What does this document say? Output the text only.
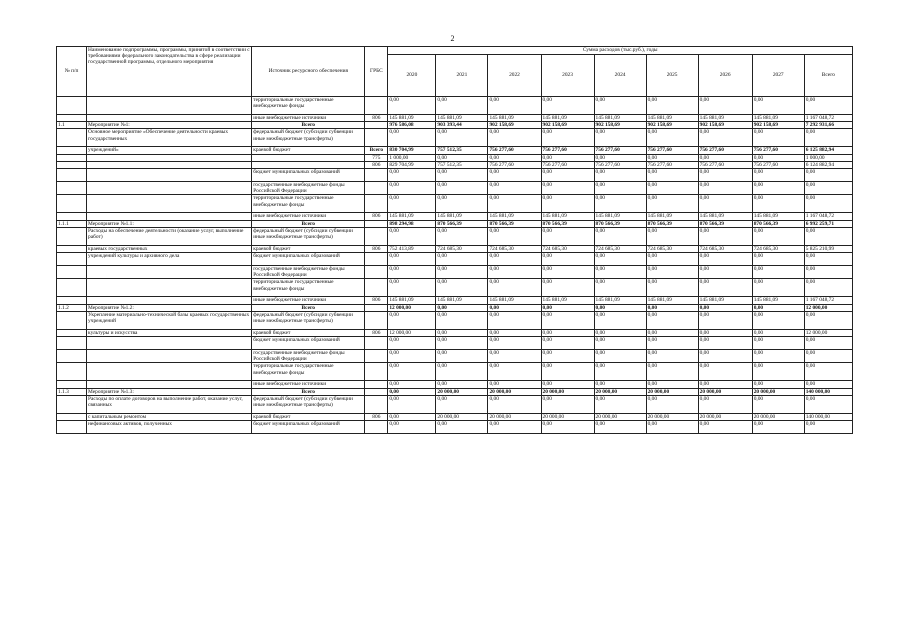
2
№ п/п	Наименование подпрограммы, программы, принятой в соответствии с требованиями федерального законодательства в сфере реализации государственной программы, отдельного мероприятия	Источник ресурсного обеспечения	ГРБС	Сумма расходов (тыс.руб.), годы								
				2020	2021	2022	2023	2024	2025	2026	2027	Всего
		территориальные государственные внебюджетные фонды		0,00	0,00	0,00	0,00	0,00	0,00	0,00	0,00	0,00
		иные внебюджетные источники	806	145 881,09	145 881,09	145 881,09	145 881,09	145 881,09	145 881,09	145 881,09	145 881,09	1 167 048,72
1.1	Мероприятие №1:	Всего		976 586,08	903 393,44	902 158,69	902 158,69	902 158,69	902 158,69	902 158,69	902 158,69	7 292 931,66
	Основное мероприятие «Обеспечение деятельности краевых государственных	федеральный бюджет (субсидии субвенции иные межбюджетные трансферты)		0,00	0,00	0,00	0,00	0,00	0,00	0,00	0,00	0,00
	учреждений»	краевой бюджет	Всего	830 704,99	757 512,35	756 277,60	756 277,60	756 277,60	756 277,60	756 277,60	756 277,60	6 125 882,94
			775	1 000,00	0,00	0,00	0,00	0,00	0,00	0,00	0,00	1 000,00
			806	829 704,99	757 512,35	756 277,60	756 277,60	756 277,60	756 277,60	756 277,60	756 277,60	6 124 882,94
		бюджет муниципальных образований		0,00	0,00	0,00	0,00	0,00	0,00	0,00	0,00	0,00
		государственные внебюджетные фонды Российской Федерации		0,00	0,00	0,00	0,00	0,00	0,00	0,00	0,00	0,00
		территориальные государственные внебюджетные фонды		0,00	0,00	0,00	0,00	0,00	0,00	0,00	0,00	0,00
		иные внебюджетные источники	806	145 881,09	145 881,09	145 881,09	145 881,09	145 881,09	145 881,09	145 881,09	145 881,09	1 167 048,72
1.1.1	Мероприятие №1.1:	Всего		898 294,98	870 566,39	870 566,39	870 566,39	870 566,39	870 566,39	870 566,39	870 566,39	6 992 259,71
	Расходы на обеспечение деятельности (оказание услуг, выполнение работ)	федеральный бюджет (субсидии субвенции иные межбюджетные трансферты)		0,00	0,00	0,00	0,00	0,00	0,00	0,00	0,00	0,00
	краевых государственных	краевой бюджет	806	752 413,89	724 685,30	724 685,30	724 685,30	724 685,30	724 685,30	724 685,30	724 685,30	5 825 210,99
	учреждений культуры и архивного дела	бюджет муниципальных образований		0,00	0,00	0,00	0,00	0,00	0,00	0,00	0,00	0,00
		государственные внебюджетные фонды Российской Федерации		0,00	0,00	0,00	0,00	0,00	0,00	0,00	0,00	0,00
		территориальные государственные внебюджетные фонды		0,00	0,00	0,00	0,00	0,00	0,00	0,00	0,00	0,00
		иные внебюджетные источники	806	145 881,09	145 881,09	145 881,09	145 881,09	145 881,09	145 881,09	145 881,09	145 881,09	1 167 048,72
1.1.2	Мероприятие №1.2:	Всего		12 000,00	0,00	0,00	0,00	0,00	0,00	0,00	0,00	12 000,00
	Укрепление материально-технической базы краевых государственных учреждений	федеральный бюджет (субсидии субвенции иные межбюджетные трансферты)		0,00	0,00	0,00	0,00	0,00	0,00	0,00	0,00	0,00
	культуры и искусства	краевой бюджет	806	12 000,00	0,00	0,00	0,00	0,00	0,00	0,00	0,00	12 000,00
		бюджет муниципальных образований		0,00	0,00	0,00	0,00	0,00	0,00	0,00	0,00	0,00
		государственные внебюджетные фонды Российской Федерации		0,00	0,00	0,00	0,00	0,00	0,00	0,00	0,00	0,00
		территориальные государственные внебюджетные фонды		0,00	0,00	0,00	0,00	0,00	0,00	0,00	0,00	0,00
		иные внебюджетные источники		0,00	0,00	0,00	0,00	0,00	0,00	0,00	0,00	0,00
1.1.3	Мероприятие №1.3:	Всего		0,00	20 000,00	20 000,00	20 000,00	20 000,00	20 000,00	20 000,00	20 000,00	140 000,00
	Расходы по оплате договоров на выполнение работ, оказание услуг, связанных	федеральный бюджет (субсидии субвенции иные межбюджетные трансферты)		0,00	0,00	0,00	0,00	0,00	0,00	0,00	0,00	0,00
	с капитальным ремонтом	краевой бюджет	806	0,00	20 000,00	20 000,00	20 000,00	20 000,00	20 000,00	20 000,00	20 000,00	140 000,00
	нефинансовых активов, полученных	бюджет муниципальных образований		0,00	0,00	0,00	0,00	0,00	0,00	0,00	0,00	0,00
